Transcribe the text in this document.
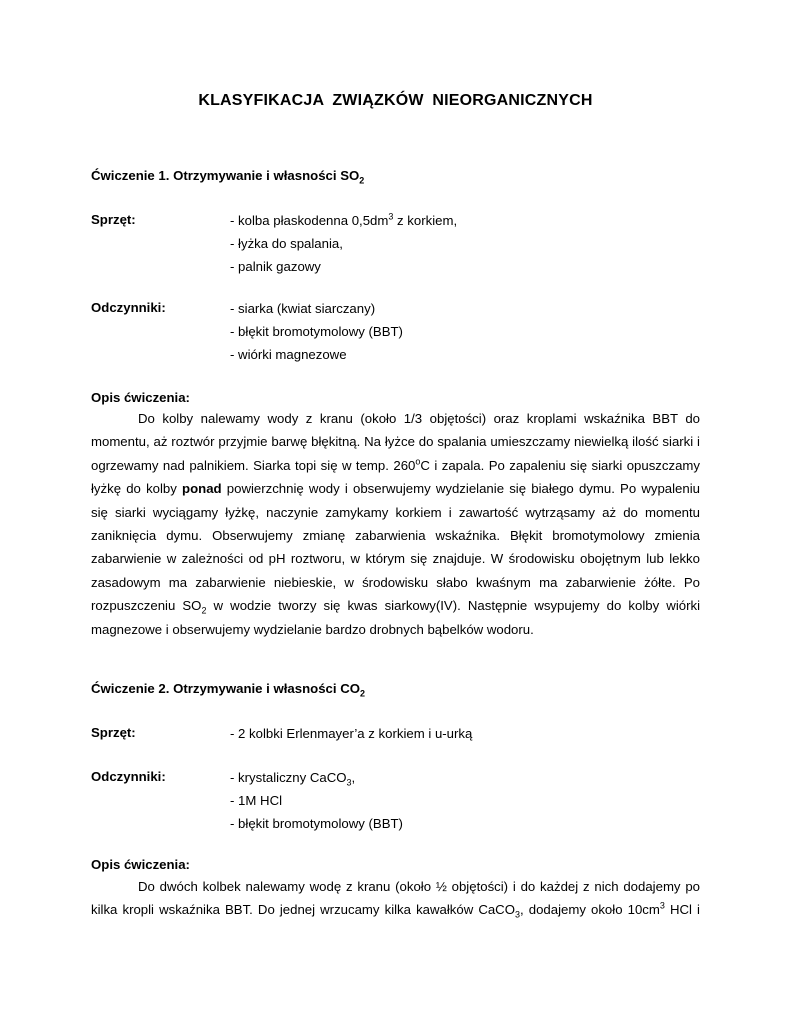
KLASYFIKACJA ZWIĄZKÓW NIEORGANICZNYCH
Ćwiczenie 1. Otrzymywanie i własności $SO_2$
Sprzęt:	- kolba płaskodenna $0,5dm^3$ z korkiem,
- łyżka do spalania,
- palnik gazowy
Odczynniki:	- siarka (kwiat siarczany)
- błękit bromotymolowy (BBT)
- wiórki magnezowe
Opis ćwiczenia:

Do kolby nalewamy wody z kranu (około 1/3 objętości) oraz kroplami wskaźnika BBT do momentu, aż roztwór przyjmie barwę błękitną. Na łyżce do spalania umieszczamy niewielką ilość siarki i ogrzewamy nad palnikiem. Siarka topi się w temp. 260$^o$C i zapala. Po zapaleniu się siarki opuszczamy łyżkę do kolby ponad powierzchnię wody i obserwujemy wydzielanie się białego dymu. Po wypaleniu się siarki wyciągamy łyżkę, naczynie zamykamy korkiem i zawartość wytrząsamy aż do momentu zaniknięcia dymu. Obserwujemy zmianę zabarwienia wskaźnika. Błękit bromotymolowy zmienia zabarwienie w zależności od pH roztworu, w którym się znajduje. W środowisku obojętnym lub lekko zasadowym ma zabarwienie niebieskie, w środowisku słabo kwaśnym ma zabarwienie żółte. Po rozpuszczeniu $SO_2$ w wodzie tworzy się kwas siarkowy(IV). Następnie wsypujemy do kolby wiórki magnezowe i obserwujemy wydzielanie bardzo drobnych bąbelków wodoru.

Ćwiczenie 2. Otrzymywanie i własności $CO_2$
Sprzęt:	- 2 kolbki Erlenmayer’a z korkiem i u-urką
Odczynniki:	- krystaliczny CaCO$_3$,
- 1M HCl
- błękit bromotymolowy (BBT)
Opis ćwiczenia:

Do dwóch kolbek nalewamy wodę z kranu (około ½ objętości) i do każdej z nich dodajemy po kilka kropli wskaźnika BBT. Do jednej wrzucamy kilka kawałków CaCO$_3$, dodajemy około $10cm^3$ HCl i
